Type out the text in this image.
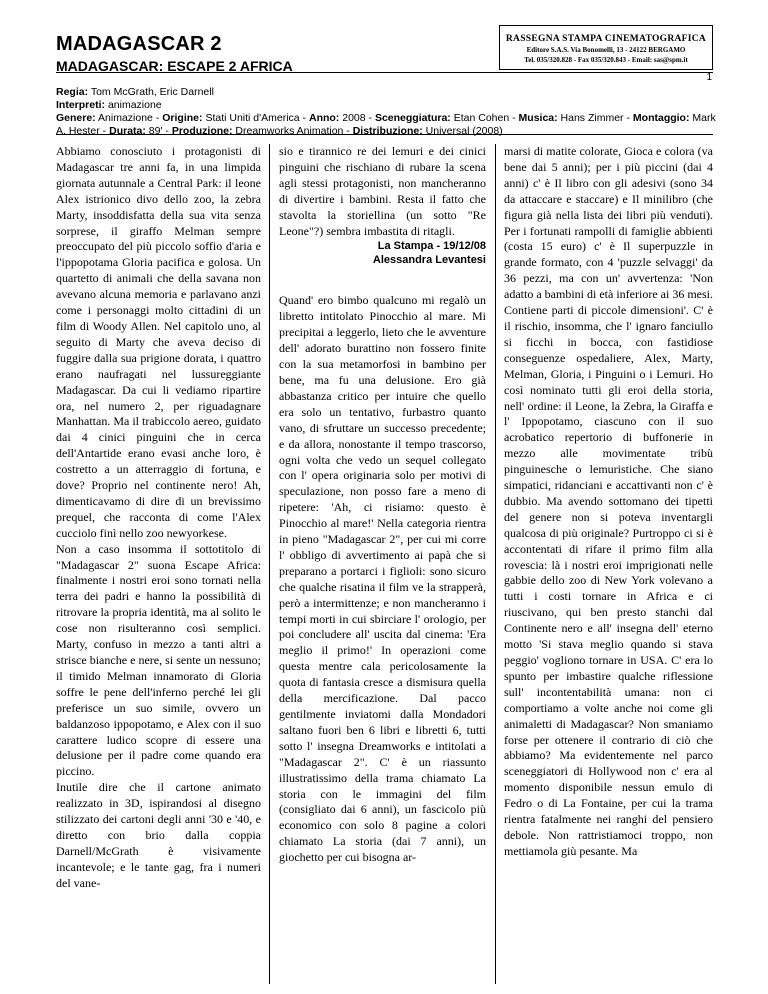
MADAGASCAR 2
MADAGASCAR: ESCAPE 2 AFRICA
RASSEGNA STAMPA CINEMATOGRAFICA
Editore S.A.S. Via Bonomelli, 13 - 24122 BERGAMO
Tel. 035/320.828 - Fax 035/320.843 - Email: sas@spm.it
1
Regia: Tom McGrath, Eric Darnell
Interpreti: animazione
Genere: Animazione - Origine: Stati Uniti d'America - Anno: 2008 - Sceneggiatura: Etan Cohen - Musica: Hans Zimmer - Montaggio: Mark A. Hester - Durata: 89' - Produzione: Dreamworks Animation - Distribuzione: Universal (2008)

Abbiamo conosciuto i protagonisti di Madagascar tre anni fa, in una limpida giornata autunnale a Central Park: il leone Alex istrionico divo dello zoo, la zebra Marty, insoddisfatta della sua vita senza sorprese, il giraffo Melman sempre preoccupato del più piccolo soffio d'aria e l'ippopotama Gloria pacifica e golosa. Un quartetto di animali che della savana non avevano alcuna memoria e parlavano anzi come i personaggi molto cittadini di un film di Woody Allen. Nel capitolo uno, al seguito di Marty che aveva deciso di fuggire dalla sua prigione dorata, i quattro erano naufragati nel lussureggiante Madagascar. Da cui li vediamo ripartire ora, nel numero 2, per riguadagnare Manhattan. Ma il trabiccolo aereo, guidato dai 4 cinici pinguini che in cerca dell'Antartide erano evasi anche loro, è costretto a un atterraggio di fortuna, e dove? Proprio nel continente nero! Ah, dimenticavamo di dire di un brevissimo prequel, che racconta di come l'Alex cucciolo finì nello zoo newyorkese.

Non a caso insomma il sottotitolo di "Madagascar 2" suona Escape Africa: finalmente i nostri eroi sono tornati nella terra dei padri e hanno la possibilità di ritrovare la propria identità, ma al solito le cose non risulteranno così semplici. Marty, confuso in mezzo a tanti altri a strisce bianche e nere, si sente un nessuno; il timido Melman innamorato di Gloria soffre le pene dell'inferno perché lei gli preferisce un suo simile, ovvero un baldanzoso ippopotamo, e Alex con il suo carattere ludico scopre di essere una delusione per il padre come quando era piccino.

Inutile dire che il cartone animato realizzato in 3D, ispirandosi al disegno stilizzato dei cartoni degli anni '30 e '40, e diretto con brio dalla coppia Darnell/McGrath è visivamente incantevole; e le tante gag, fra i numeri del vane-

sio e tirannico re dei lemuri e dei cinici pinguini che rischiano di rubare la scena agli stessi protagonisti, non mancheranno di divertire i bambini. Resta il fatto che stavolta la storiellina (un sotto "Re Leone"?) sembra imbastita di ritagli.

La Stampa - 19/12/08
Alessandra Levantesi

Quand' ero bimbo qualcuno mi regalò un libretto intitolato Pinocchio al mare. Mi precipitai a leggerlo, lieto che le avventure dell' adorato burattino non fossero finite con la sua metamorfosi in bambino per bene, ma fu una delusione. Ero già abbastanza critico per intuire che quello era solo un tentativo, furbastro quanto vano, di sfruttare un successo precedente; e da allora, nonostante il tempo trascorso, ogni volta che vedo un sequel collegato con l' opera originaria solo per motivi di speculazione, non posso fare a meno di ripetere: 'Ah, ci risiamo: questo è Pinocchio al mare!' Nella categoria rientra in pieno "Madagascar 2", per cui mi corre l' obbligo di avvertimento ai papà che si preparano a portarci i figlioli: sono sicuro che qualche risatina il film ve la strapperà, però a intermittenze; e non mancheranno i tempi morti in cui sbirciare l' orologio, per poi concludere all' uscita dal cinema: 'Era meglio il primo!' In operazioni come questa mentre cala pericolosamente la quota di fantasia cresce a dismisura quella della mercificazione. Dal pacco gentilmente inviatomi dalla Mondadori saltano fuori ben 6 libri e libretti 6, tutti sotto l' insegna Dreamworks e intitolati a "Madagascar 2". C' è un riassunto illustratissimo della trama chiamato La storia con le immagini del film (consigliato dai 6 anni), un fascicolo più economico con solo 8 pagine a colori chiamato La storia (dai 7 anni), un giochetto per cui bisogna ar-

marsi di matite colorate, Gioca e colora (va bene dai 5 anni); per i più piccini (dai 4 anni) c' è Il libro con gli adesivi (sono 34 da attaccare e staccare) e Il minilibro (che figura già nella lista dei libri più venduti). Per i fortunati rampolli di famiglie abbienti (costa 15 euro) c' è Il superpuzzle in grande formato, con 4 'puzzle selvaggi' da 36 pezzi, ma con un' avvertenza: 'Non adatto a bambini di età inferiore ai 36 mesi. Contiene parti di piccole dimensioni'. C' è il rischio, insomma, che l' ignaro fanciullo si ficchi in bocca, con fastidiose conseguenze ospedaliere, Alex, Marty, Melman, Gloria, i Pinguini o i Lemuri. Ho così nominato tutti gli eroi della storia, nell' ordine: il Leone, la Zebra, la Giraffa e l' Ippopotamo, ciascuno con il suo acrobatico repertorio di buffonerie in mezzo alle movimentate tribù pinguinesche o lemuristiche. Che siano simpatici, ridanciani e accattivanti non c' è dubbio. Ma avendo sottomano dei tipetti del genere non si poteva inventargli qualcosa di più originale? Purtroppo ci si è accontentati di rifare il primo film alla rovescia: là i nostri eroi imprigionati nelle gabbie dello zoo di New York volevano a tutti i costi tornare in Africa e ci riuscivano, qui ben presto stanchi dal Continente nero e all' insegna dell' eterno motto 'Si stava meglio quando si stava peggio' vogliono tornare in USA. C' era lo spunto per imbastire qualche riflessione sull' incontentabilità umana: non ci comportiamo a volte anche noi come gli animaletti di Madagascar? Non smaniamo forse per ottenere il contrario di ciò che abbiamo? Ma evidentemente nel parco sceneggiatori di Hollywood non c' era al momento disponibile nessun emulo di Fedro o di La Fontaine, per cui la trama rientra fatalmente nei ranghi del pensiero debole. Non rattristiamoci troppo, non mettiamola giù pesante. Ma
